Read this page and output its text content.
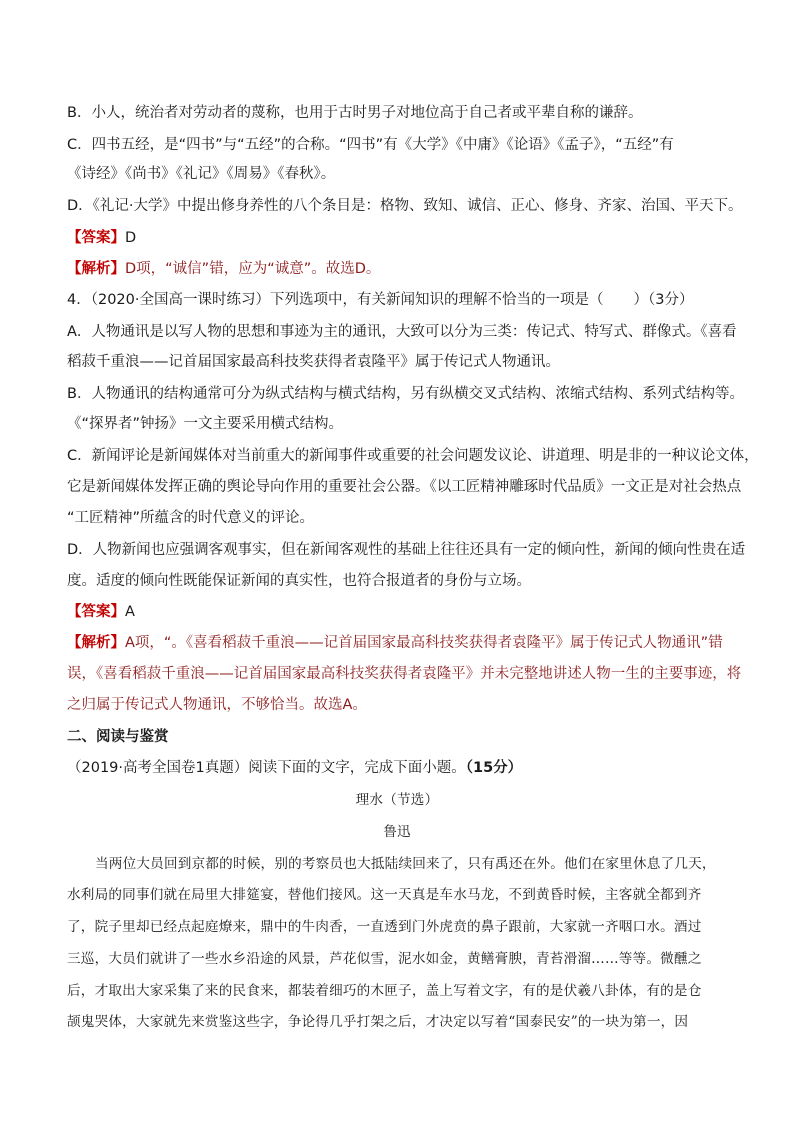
B．小人，统治者对劳动者的蔑称，也用于古时男子对地位高于自己者或平辈自称的谦辞。
C．四书五经，是“四书”与“五经”的合称。“四书”有《大学》《中庸》《论语》《孟子》，“五经”有
《诗经》《尚书》《礼记》《周易》《春秋》。
D．《礼记·大学》中提出修身养性的八个条目是：格物、致知、诚信、正心、修身、齐家、治国、平天下。
【答案】D
【解析】D项，“诚信”错，应为“诚意”。故选D。
4．（2020·全国高一课时练习）下列选项中，有关新闻知识的理解不恰当的一项是（ ）（3分）
A．人物通讯是以写人物的思想和事迹为主的通讯，大致可以分为三类：传记式、特写式、群像式。《喜看
稻菽千重浪——记首届国家最高科技奖获得者袁隆平》属于传记式人物通讯。
B．人物通讯的结构通常可分为纵式结构与横式结构，另有纵横交叉式结构、浓缩式结构、系列式结构等。
《“探界者”钟扬》一文主要采用横式结构。
C．新闻评论是新闻媒体对当前重大的新闻事件或重要的社会问题发议论、讲道理、明是非的一种议论文体，
它是新闻媒体发挥正确的舆论导向作用的重要社会公器。《以工匠精神雕琢时代品质》一文正是对社会热点
“工匠精神”所蕴含的时代意义的评论。
D．人物新闻也应强调客观事实，但在新闻客观性的基础上往往还具有一定的倾向性，新闻的倾向性贵在适
度。适度的倾向性既能保证新闻的真实性，也符合报道者的身份与立场。
【答案】A
【解析】A项，“。《喜看稻菽千重浪——记首届国家最高科技奖获得者袁隆平》属于传记式人物通讯”错
误，《喜看稻菽千重浪——记首届国家最高科技奖获得者袁隆平》并未完整地讲述人物一生的主要事迹，将
之归属于传记式人物通讯，不够恰当。故选A。
二、阅读与鉴赏
（2019·高考全国卷1真题）阅读下面的文字，完成下面小题。（15分）
理水（节选）
鲁迅
当两位大员回到京都的时候，别的考察员也大抵陆续回来了，只有禹还在外。他们在家里休息了几天，
水利局的同事们就在局里大排筵宴，替他们接风。这一天真是车水马龙，不到黄昏时候，主客就全都到齐
了，院子里却已经点起庭燎来，鼎中的牛肉香，一直透到门外虎贲的鼻子跟前，大家就一齐咽口水。酒过
三巡，大员们就讲了一些水乡沿途的风景，芦花似雪，泥水如金，黄鳝膏腴，青苔滑溜……等等。微醺之
后，才取出大家采集了来的民食来，都装着细巧的木匣子，盖上写着文字，有的是伏羲八卦体，有的是仓
颉鬼哭体，大家就先来赏鉴这些字，争论得几乎打架之后，才决定以写着“国泰民安”的一块为第一，因
